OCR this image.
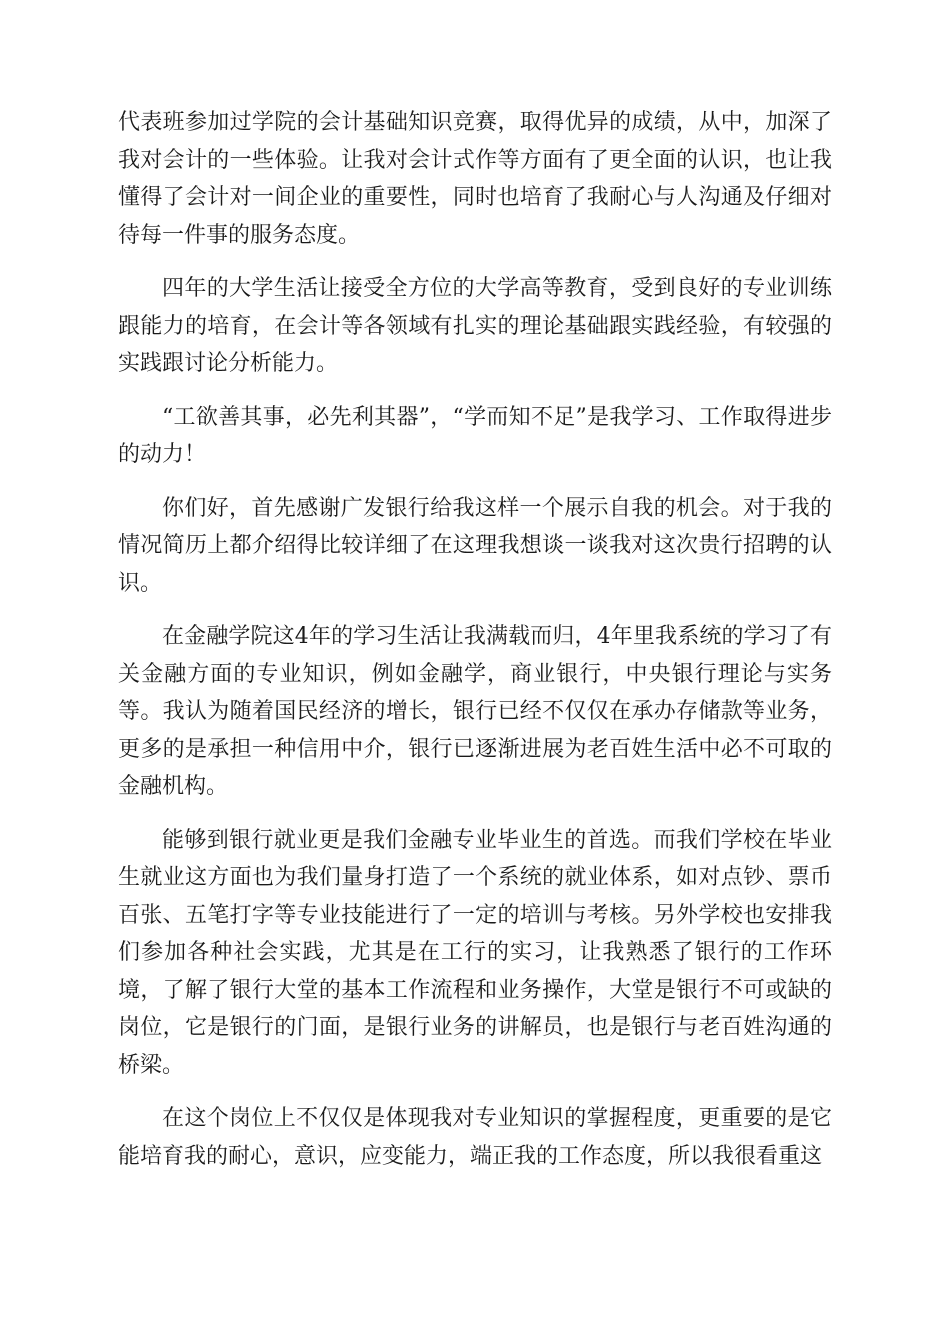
代表班参加过学院的会计基础知识竞赛，取得优异的成绩，从中，加深了我对会计的一些体验。让我对会计式作等方面有了更全面的认识，也让我懂得了会计对一间企业的重要性，同时也培育了我耐心与人沟通及仔细对待每一件事的服务态度。

四年的大学生活让接受全方位的大学高等教育，受到良好的专业训练跟能力的培育，在会计等各领域有扎实的理论基础跟实践经验，有较强的实践跟讨论分析能力。

“工欲善其事，必先利其器”，“学而知不足”是我学习、工作取得进步的动力！

你们好，首先感谢广发银行给我这样一个展示自我的机会。对于我的情况简历上都介绍得比较详细了在这理我想谈一谈我对这次贵行招聘的认识。

在金融学院这4年的学习生活让我满载而归，4年里我系统的学习了有关金融方面的专业知识，例如金融学，商业银行，中央银行理论与实务等。我认为随着国民经济的增长，银行已经不仅仅在承办存储款等业务，更多的是承担一种信用中介，银行已逐渐进展为老百姓生活中必不可取的金融机构。

能够到银行就业更是我们金融专业毕业生的首选。而我们学校在毕业生就业这方面也为我们量身打造了一个系统的就业体系，如对点钞、票币百张、五笔打字等专业技能进行了一定的培训与考核。另外学校也安排我们参加各种社会实践，尤其是在工行的实习，让我熟悉了银行的工作环境，了解了银行大堂的基本工作流程和业务操作，大堂是银行不可或缺的岗位，它是银行的门面，是银行业务的讲解员，也是银行与老百姓沟通的桥梁。

在这个岗位上不仅仅是体现我对专业知识的掌握程度，更重要的是它能培育我的耐心，意识，应变能力，端正我的工作态度，所以我很看重这
